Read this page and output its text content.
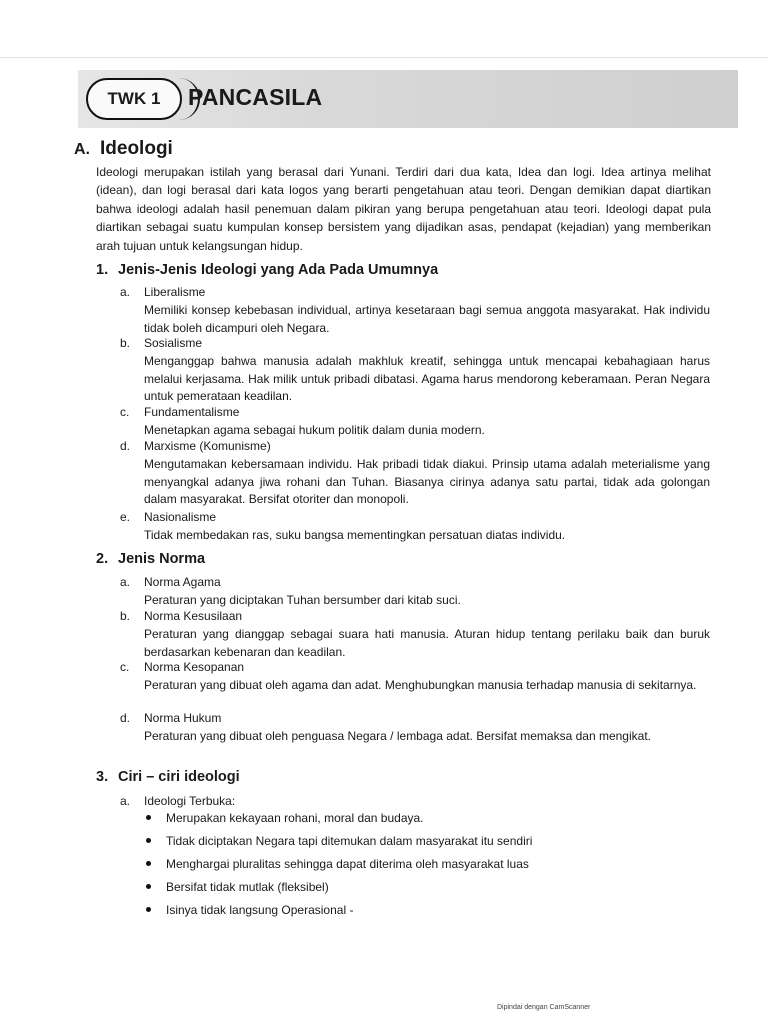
TWK 1 PANCASILA
A. Ideologi

Ideologi merupakan istilah yang berasal dari Yunani. Terdiri dari dua kata, Idea dan logi. Idea artinya melihat (idean), dan logi berasal dari kata logos yang berarti pengetahuan atau teori. Dengan demikian dapat diartikan bahwa ideologi adalah hasil penemuan dalam pikiran yang berupa pengetahuan atau teori. Ideologi dapat pula diartikan sebagai suatu kumpulan konsep bersistem yang dijadikan asas, pendapat (kejadian) yang memberikan arah tujuan untuk kelangsungan hidup.

1. Jenis-Jenis Ideologi yang Ada Pada Umumnya

a. Liberalisme
Memiliki konsep kebebasan individual, artinya kesetaraan bagi semua anggota masyarakat. Hak individu tidak boleh dicampuri oleh Negara.
b. Sosialisme
Menganggap bahwa manusia adalah makhluk kreatif, sehingga untuk mencapai kebahagiaan harus melalui kerjasama. Hak milik untuk pribadi dibatasi. Agama harus mendorong keberamaan. Peran Negara untuk pemerataan keadilan.
c. Fundamentalisme
Menetapkan agama sebagai hukum politik dalam dunia modern.
d. Marxisme (Komunisme)
Mengutamakan kebersamaan individu. Hak pribadi tidak diakui. Prinsip utama adalah meterialisme yang menyangkal adanya jiwa rohani dan Tuhan. Biasanya cirinya adanya satu partai, tidak ada golongan dalam masyarakat. Bersifat otoriter dan monopoli.
e. Nasionalisme
Tidak membedakan ras, suku bangsa mementingkan persatuan diatas individu.

2. Jenis Norma

a. Norma Agama
Peraturan yang diciptakan Tuhan bersumber dari kitab suci.
b. Norma Kesusilaan
Peraturan yang dianggap sebagai suara hati manusia. Aturan hidup tentang perilaku baik dan buruk berdasarkan kebenaran dan keadilan.
c. Norma Kesopanan
Peraturan yang dibuat oleh agama dan adat. Menghubungkan manusia terhadap manusia di sekitarnya.
d. Norma Hukum
Peraturan yang dibuat oleh penguasa Negara / lembaga adat. Bersifat memaksa dan mengikat.

3. Ciri – ciri ideologi

a. Ideologi Terbuka:
Merupakan kekayaan rohani, moral dan budaya.
Tidak diciptakan Negara tapi ditemukan dalam masyarakat itu sendiri
Menghargai pluralitas sehingga dapat diterima oleh masyarakat luas
Bersifat tidak mutlak (fleksibel)
Isinya tidak langsung Operasional -
Dipindai dengan CamScanner
